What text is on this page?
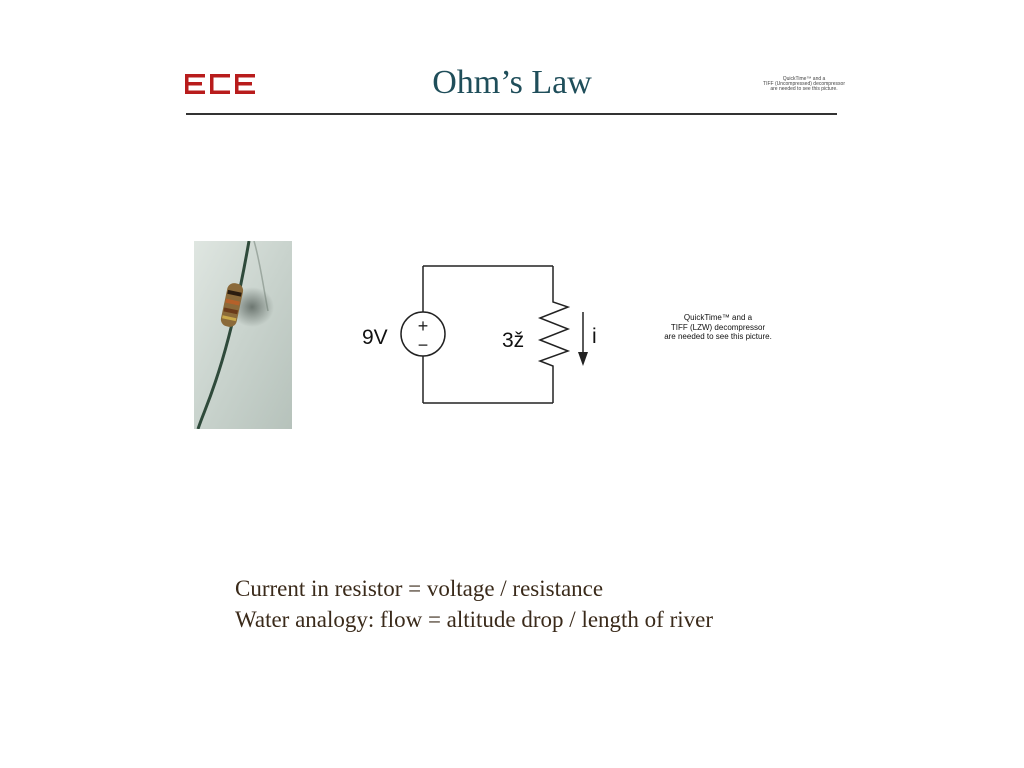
Ohm’s Law	QuickTime™ and a
TIFF (Uncompressed) decompressor
are needed to see this picture.
+
−
9V	3ž	i
QuickTime™ and a
TIFF (LZW) decompressor
are needed to see this picture.
Current in resistor = voltage / resistance
Water analogy: flow = altitude drop / length of river
